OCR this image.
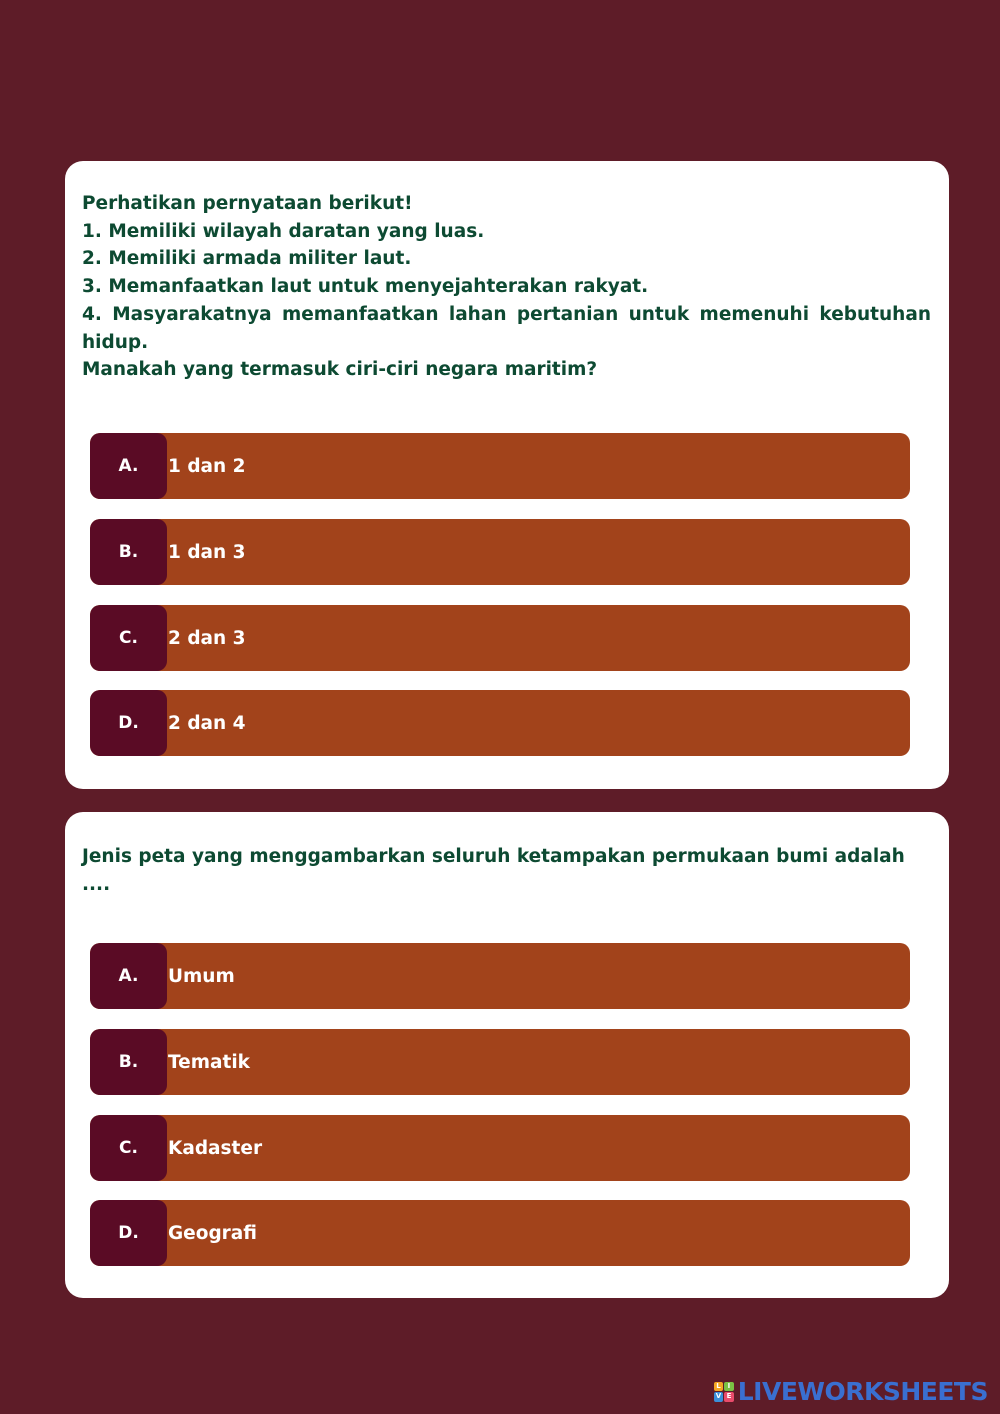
Perhatikan pernyataan berikut!
1. Memiliki wilayah daratan yang luas.
2. Memiliki armada militer laut.
3. Memanfaatkan laut untuk menyejahterakan rakyat.
4. Masyarakatnya memanfaatkan lahan pertanian untuk memenuhi kebutuhan
hidup.
Manakah yang termasuk ciri-ciri negara maritim?
A.	1 dan 2
B.	1 dan 3
C.	2 dan 3
D.	2 dan 4
Jenis peta yang menggambarkan seluruh ketampakan permukaan bumi adalah ....
A.	Umum
B.	Tematik
C.	Kadaster
D.	Geografi
L I
V E LIVEWORKSHEETS
